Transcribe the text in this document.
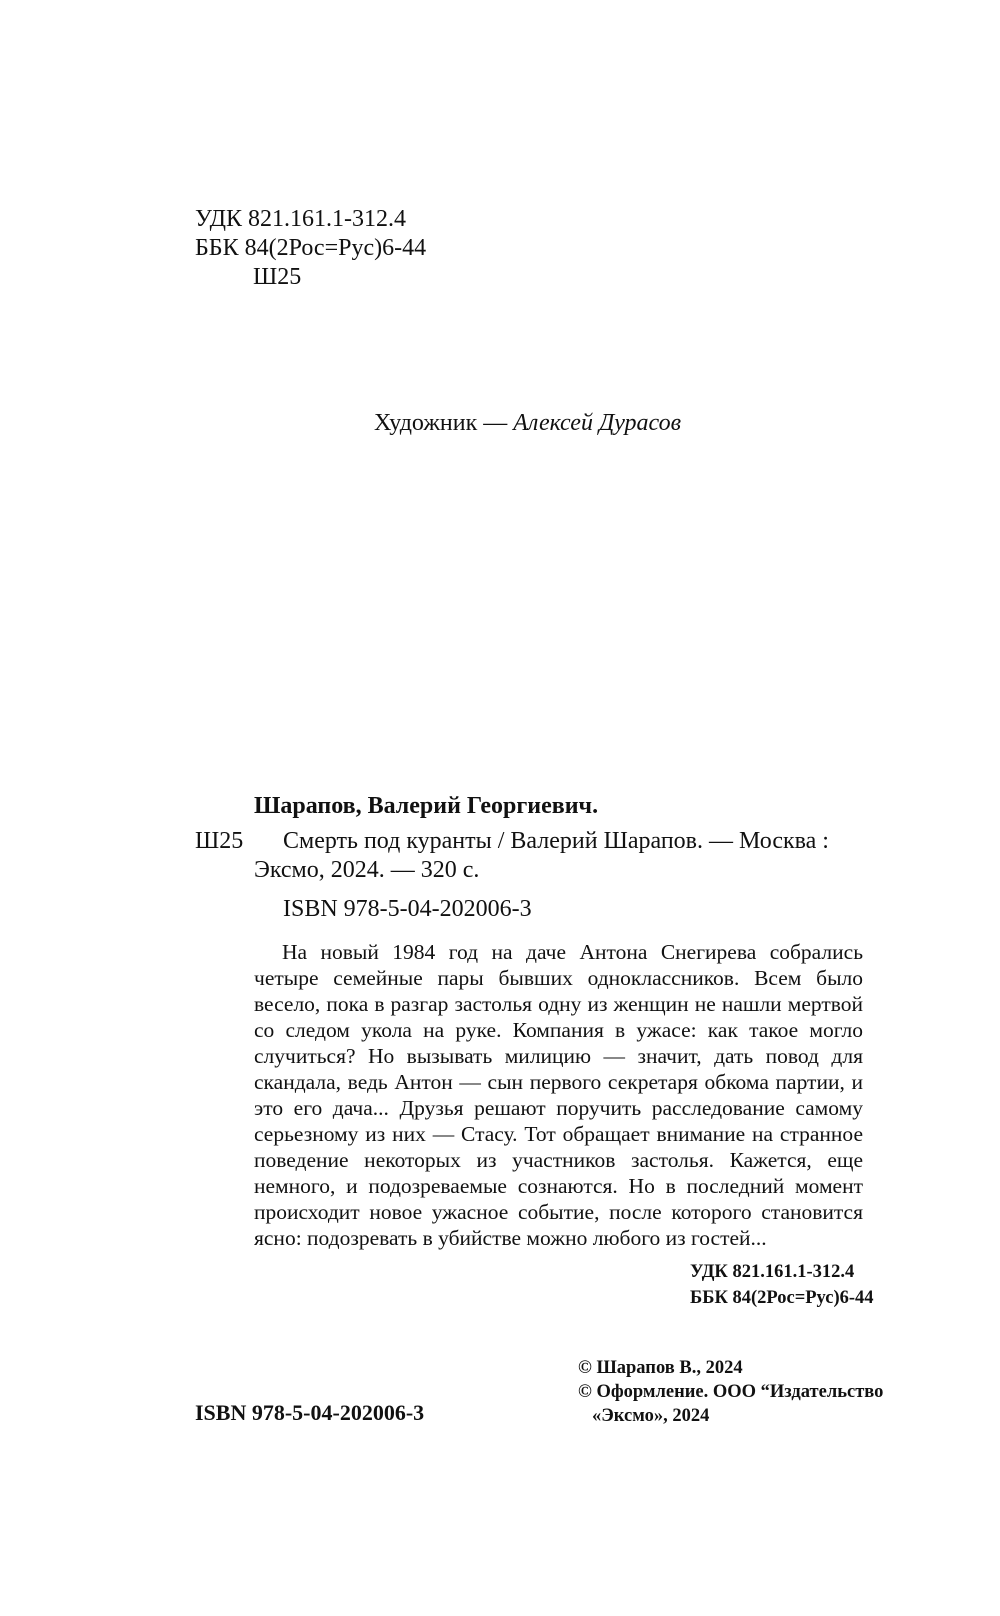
УДК 821.161.1-312.4
ББК 84(2Рос=Рус)6-44
Ш25
Художник — Алексей Дурасов
Шарапов, Валерий Георгиевич.
Ш25 Смерть под куранты / Валерий Шарапов. — Москва :
Эксмо, 2024. — 320 с.
ISBN 978-5-04-202006-3

На новый 1984 год на даче Антона Снегирева собрались четыре семейные пары бывших одноклассников. Всем было весело, пока в разгар застолья одну из женщин не нашли мертвой со следом укола на руке. Компания в ужасе: как такое могло случиться? Но вызывать милицию — значит, дать повод для скандала, ведь Антон — сын первого секретаря обкома партии, и это его дача... Друзья решают поручить расследование самому серьезному из них — Стасу. Тот обращает внимание на странное поведение некоторых из участников застолья. Кажется, еще немного, и подозреваемые сознаются. Но в последний момент происходит новое ужасное событие, после которого становится ясно: подозревать в убийстве можно любого из гостей...

УДК 821.161.1-312.4
ББК 84(2Рос=Рус)6-44
ISBN 978-5-04-202006-3
© Шарапов В., 2024
© Оформление. ООО “Издательство
«Эксмо», 2024
